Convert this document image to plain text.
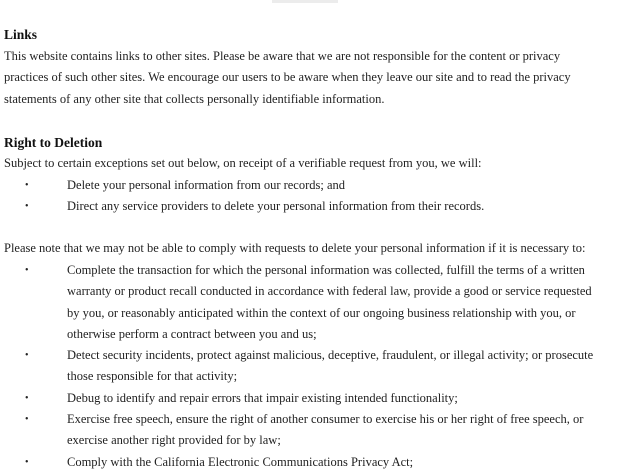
Links

This website contains links to other sites. Please be aware that we are not responsible for the content or privacy practices of such other sites. We encourage our users to be aware when they leave our site and to read the privacy statements of any other site that collects personally identifiable information.

Right to Deletion

Subject to certain exceptions set out below, on receipt of a verifiable request from you, we will:

•	Delete your personal information from our records; and
•	Direct any service providers to delete your personal information from their records.

Please note that we may not be able to comply with requests to delete your personal information if it is necessary to:

•	Complete the transaction for which the personal information was collected, fulfill the terms of a written warranty or product recall conducted in accordance with federal law, provide a good or service requested by you, or reasonably anticipated within the context of our ongoing business relationship with you, or otherwise perform a contract between you and us;
•	Detect security incidents, protect against malicious, deceptive, fraudulent, or illegal activity; or prosecute those responsible for that activity;
•	Debug to identify and repair errors that impair existing intended functionality;
•	Exercise free speech, ensure the right of another consumer to exercise his or her right of free speech, or exercise another right provided for by law;
•	Comply with the California Electronic Communications Privacy Act;
